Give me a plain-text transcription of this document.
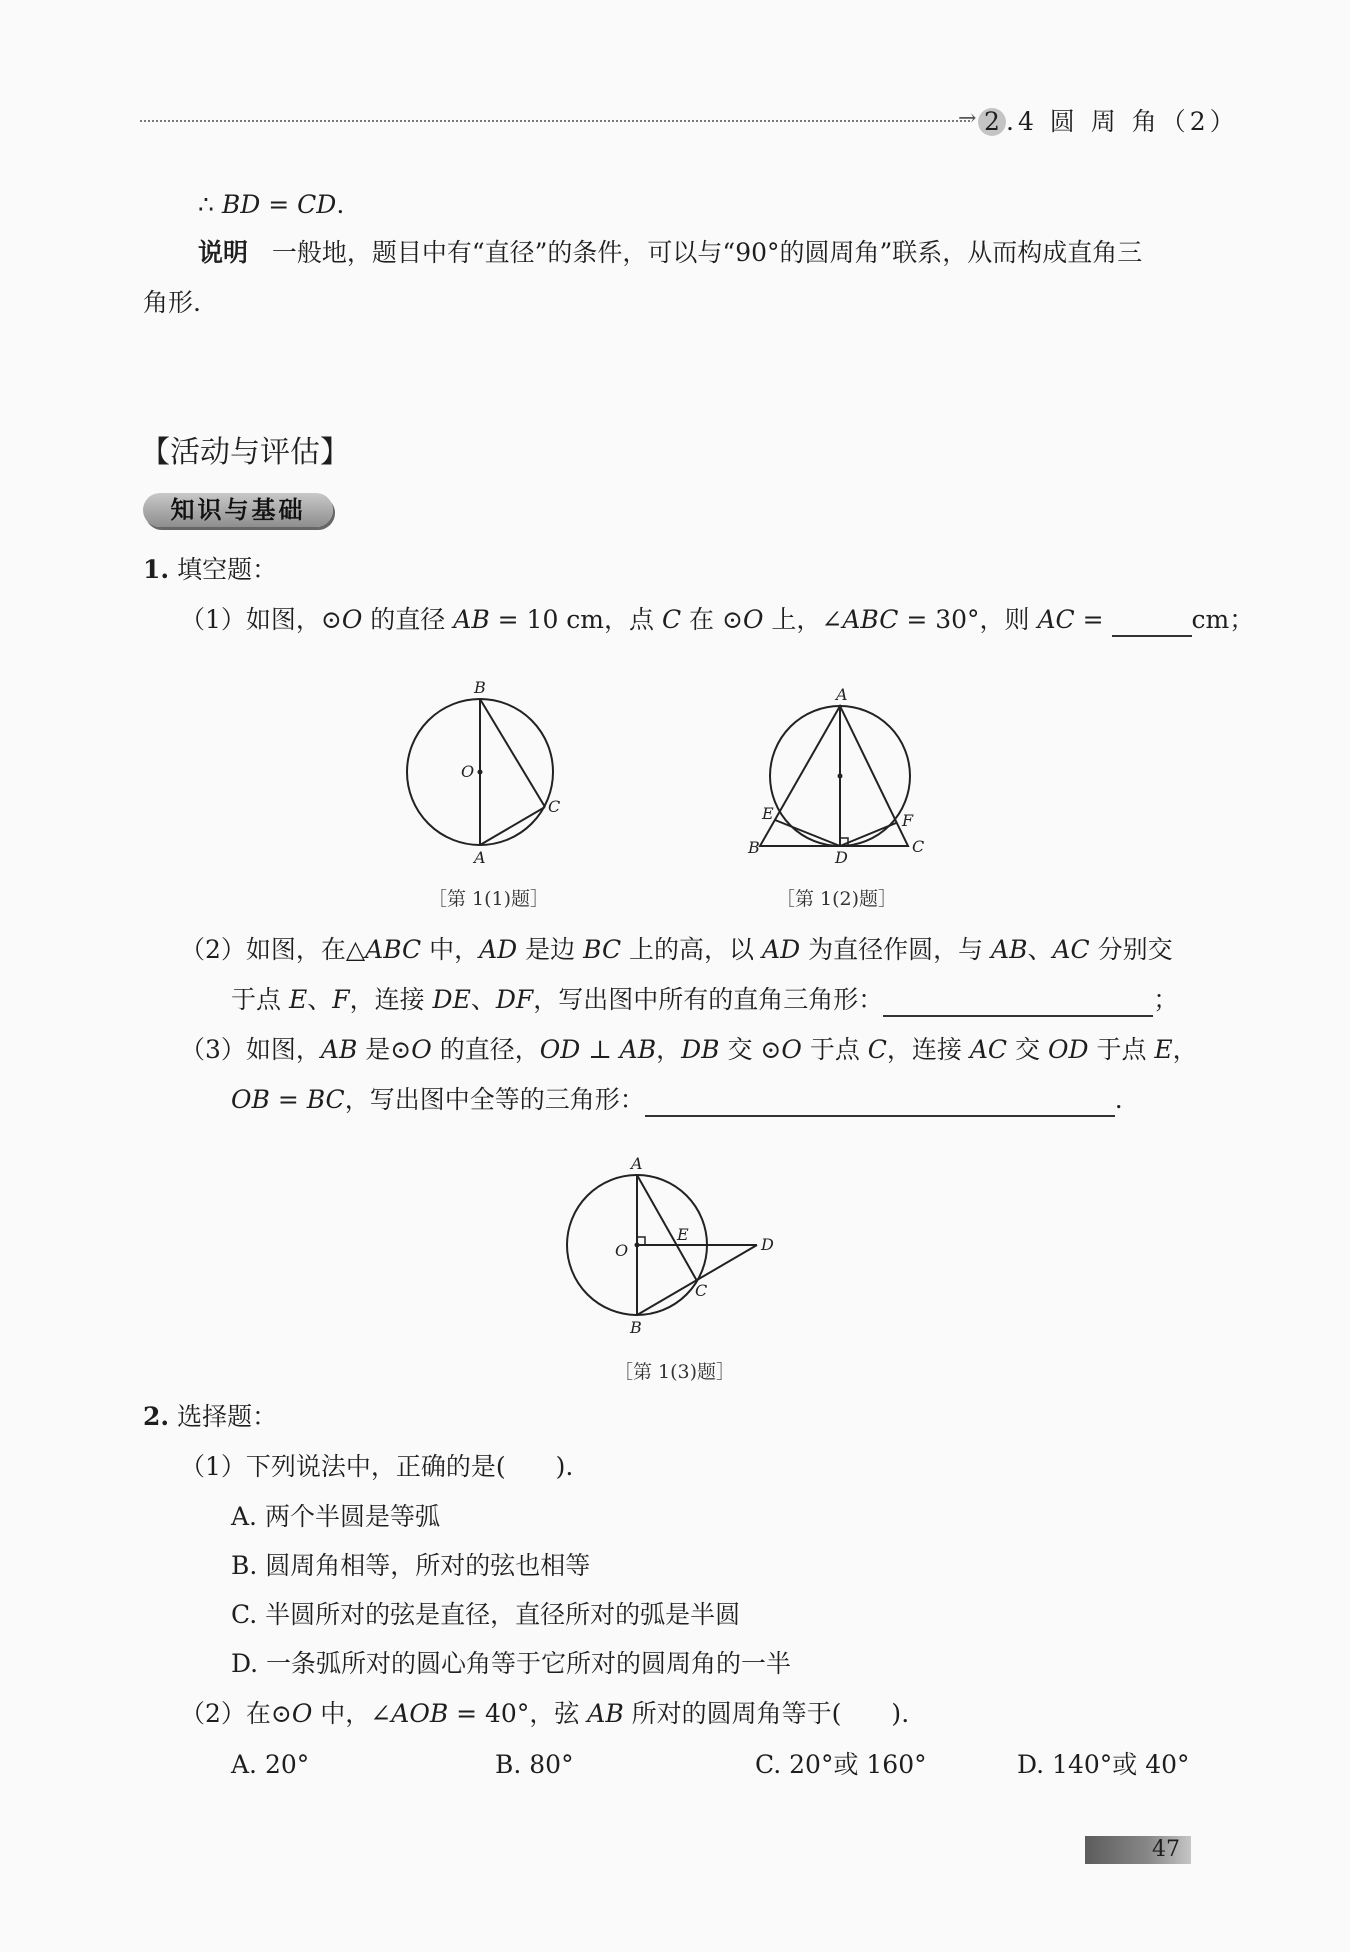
→ 2 .4 圆 周 角（2）
∴ BD = CD.
说明 一般地，题目中有“直径”的条件，可以与“90°的圆周角”联系，从而构成直角三
角形.
【活动与评估】
知识与基础
1. 填空题：
（1）如图，⊙O 的直径 AB = 10 cm，点 C 在 ⊙O 上，∠ABC = 30°，则 AC =	cm；
B
O
C
A
［第 1(1)题］
A
E	F
B
D
C
［第 1(2)题］
（2）如图，在△ABC 中，AD 是边 BC 上的高，以 AD 为直径作圆，与 AB、AC 分别交
于点 E、F，连接 DE、DF，写出图中所有的直角三角形：	；
（3）如图，AB 是⊙O 的直径，OD ⊥ AB，DB 交 ⊙O 于点 C，连接 AC 交 OD 于点 E，
OB = BC，写出图中全等的三角形：	.
A
O
E
D
C
B
［第 1(3)题］
2. 选择题：
（1）下列说法中，正确的是(　　).
A. 两个半圆是等弧
B. 圆周角相等，所对的弦也相等
C. 半圆所对的弦是直径，直径所对的弧是半圆
D. 一条弧所对的圆心角等于它所对的圆周角的一半
（2）在⊙O 中，∠AOB = 40°，弦 AB 所对的圆周角等于(　　).
A. 20°	B. 80°	C. 20°或 160°	D. 140°或 40°
47
